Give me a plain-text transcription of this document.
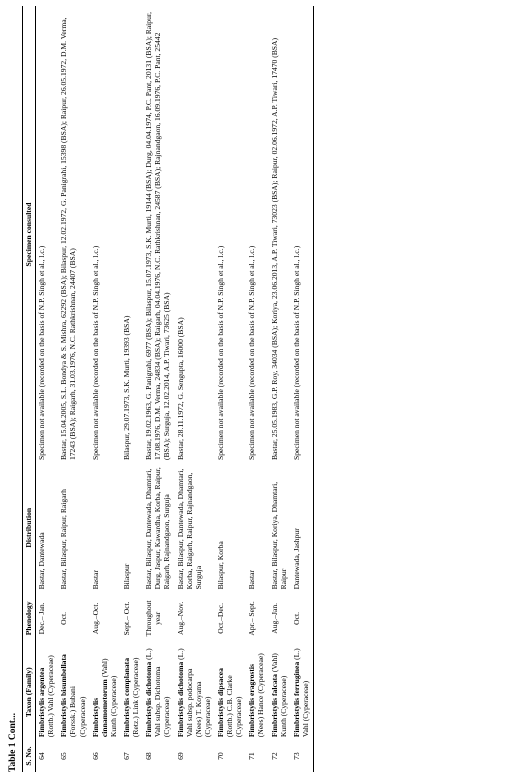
Table 1 Cont... S. No.	Taxon (Family)	Phenology	Distribution	Specimen consulted
64	Fimbristylis argentea (Rottb.) Vahl (Cyperaceae)	Dec.– Jan.	Bastar, Dantewada	Specimen not available (recorded on the basis of N.P. Singh et al., l.c.)
65	Fimbristylis bisumbellata (Forssk.) Bubani (Cyperaceae)	Oct.	Bastar, Bilaspur, Raipur, Raigarh	Bastar, 15.04.2005, S.L. Bondya & S. Mishra, 62292 (BSA); Bilaspur, 12.02.1972, G. Panigrahi, 15398 (BSA); Raipur, 26.05.1972, D.M. Verma, 17243 (BSA); Raigarh, 31.03.1976, N.C. Rathkrishnan, 24407 (BSA)
66	Fimbristylis cinnamometorum (Vahl) Kunth (Cyperaceae)	Aug.–Oct.	Bastar	Specimen not available (recorded on the basis of N.P. Singh et al., l.c.)
67	Fimbristylis complanata (Retz.) Link (Cyperaceae)	Sept.– Oct.	Bilaspur	Bilaspur, 29.07.1973, S.K. Murti, 19393 (BSA)
68	Fimbristylis dichotoma (L.) Vahl subsp. Dichotoma (Cyperaceae)	Throughout year	Bastar, Bilaspur, Dantewada, Dhamtari, Durg, Jaspur, Kawardha, Korba, Raipur, Raigarh, Rajnandgaon, Surguja	Bastar, 19.02.1963, G. Panigrahi, 6977 (BSA); Bilaspur, 15.07.1973, S.K. Murti, 19144 (BSA); Durg, 04.04.1974, P.C. Pant, 20131 (BSA); Raipur, 17.08.1976, D.M. Verma, 24834 (BSA); Raigarh, 04.04.1976, N.C. Rathkrishnan, 24587 (BSA); Rajnandgaon, 16.09.1976, P.C. Pant, 25442 (BSA); Surguja, 12.02.2014, A.P. Tiwari, 73625 (BSA)
69	Fimbristylis dichotoma (L.) Vahl subsp. podocarpa (Nees) T. Koyama (Cyperaceae)	Aug.–Nov.	Bastar, Bilaspur, Dantewada, Dhamtari, Korba, Raigarh, Raipur, Rajnandgaon, Surguja	Bastar, 28.11.1972, G. Sengupta, 16000 (BSA)
70	Fimbristylis dipsacea (Rottb.) C.B. Clarke (Cyperaceae)	Oct.–Dec.	Bilaspur, Korba	Specimen not available (recorded on the basis of N.P. Singh et al., l.c.)
71	Fimbristylis eragrostis (Nees) Hance (Cyperaceae)	Apr.– Sept.	Bastar	Specimen not available (recorded on the basis of N.P. Singh et al., l.c.)
72	Fimbristylis falcata (Vahl) Kunth (Cyperaceae)	Aug.–Jan.	Bastar, Bilaspur, Koriya, Dhamtari, Raipur	Bastar, 25.05.1983, G.P. Roy, 34034 (BSA); Koriya, 23.06.2013, A.P. Tiwari, 73023 (BSA); Raipur, 02.06.1972, A.P. Tiwari, 17470 (BSA)
73	Fimbristylis ferruginea (L.) Vahl (Cyperaceae)	Oct.	Dantewada, Jashpur	Specimen not available (recorded on the basis of N.P. Singh et al., l.c.)
